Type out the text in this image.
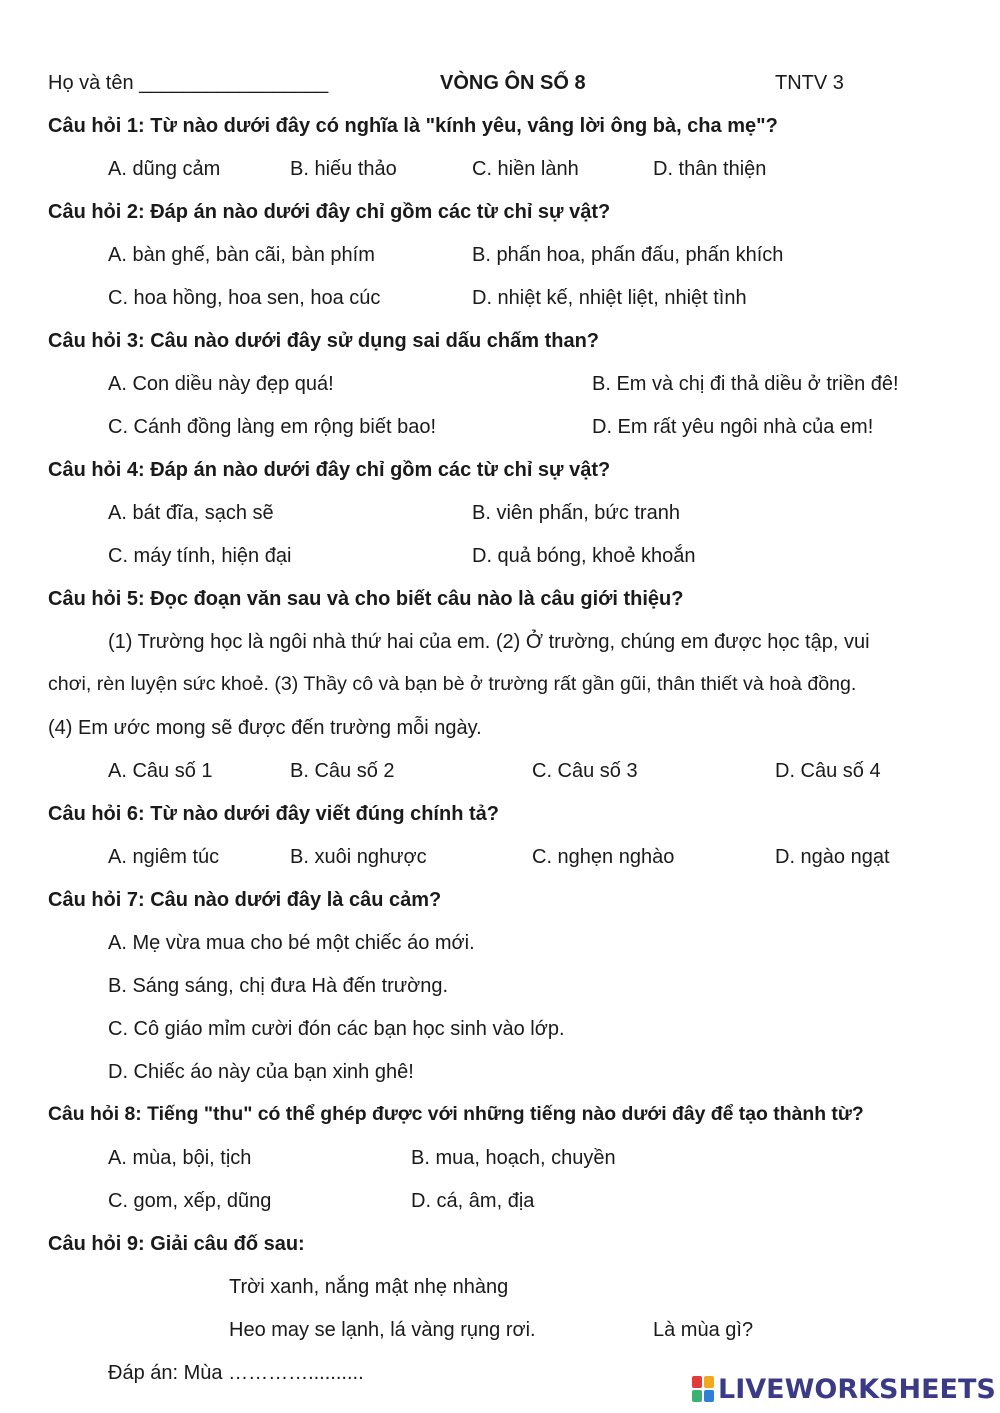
Họ và tên _________________	VÒNG ÔN SỐ 8	TNTV 3
Câu hỏi 1: Từ nào dưới đây có nghĩa là "kính yêu, vâng lời ông bà, cha mẹ"?
A. dũng cảm	B. hiếu thảo	C. hiền lành	D. thân thiện
Câu hỏi 2: Đáp án nào dưới đây chỉ gồm các từ chỉ sự vật?
A. bàn ghế, bàn cãi, bàn phím	B. phấn hoa, phấn đấu, phấn khích
C. hoa hồng, hoa sen, hoa cúc	D. nhiệt kế, nhiệt liệt, nhiệt tình
Câu hỏi 3: Câu nào dưới đây sử dụng sai dấu chấm than?
A. Con diều này đẹp quá!	B. Em và chị đi thả diều ở triền đê!
C. Cánh đồng làng em rộng biết bao!	D. Em rất yêu ngôi nhà của em!
Câu hỏi 4: Đáp án nào dưới đây chỉ gồm các từ chỉ sự vật?
A. bát đĩa, sạch sẽ	B. viên phấn, bức tranh
C. máy tính, hiện đại	D. quả bóng, khoẻ khoắn
Câu hỏi 5: Đọc đoạn văn sau và cho biết câu nào là câu giới thiệu?
(1) Trường học là ngôi nhà thứ hai của em. (2) Ở trường, chúng em được học tập, vui
chơi, rèn luyện sức khoẻ. (3) Thầy cô và bạn bè ở trường rất gần gũi, thân thiết và hoà đồng.
(4) Em ước mong sẽ được đến trường mỗi ngày.
A. Câu số 1	B. Câu số 2	C. Câu số 3	D. Câu số 4
Câu hỏi 6: Từ nào dưới đây viết đúng chính tả?
A. ngiêm túc	B. xuôi nghược	C. nghẹn nghào	D. ngào ngạt
Câu hỏi 7: Câu nào dưới đây là câu cảm?
A. Mẹ vừa mua cho bé một chiếc áo mới.
B. Sáng sáng, chị đưa Hà đến trường.
C. Cô giáo mỉm cười đón các bạn học sinh vào lớp.
D. Chiếc áo này của bạn xinh ghê!
Câu hỏi 8: Tiếng "thu" có thể ghép được với những tiếng nào dưới đây để tạo thành từ?
A. mùa, bội, tịch	B. mua, hoạch, chuyền
C. gom, xếp, dũng	D. cá, âm, địa
Câu hỏi 9: Giải câu đố sau:
Trời xanh, nắng mật nhẹ nhàng
Heo may se lạnh, lá vàng rụng rơi.	Là mùa gì?
Đáp án: Mùa …………..........
LIVEWORKSHEETS
